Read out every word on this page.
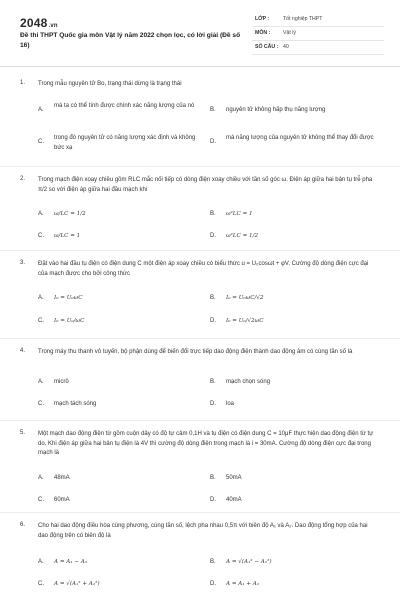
2048.vn
Đề thi THPT Quốc gia môn Vật lý năm 2022 chọn lọc, có lời giải (Đề số 16)
LỚP :	Tốt nghiệp THPT
MÔN : Vật lý
SỐ CÂU : 40
1. Trong mẫu nguyên tử Bo, trạng thái dừng là trạng thái
A.
mà ta có thể tính được chính xác năng lượng của nó
B. nguyên tử không hấp thụ năng lượng
C.
trong đó nguyên tử có năng lượng xác định và không bức xạ
D.
mà năng lượng của nguyên tử không thể thay đổi được
2. Trong mạch điện xoay chiều gồm RLC mắc nối tiếp có dòng điện xoay chiều với tần số góc ω. Điện áp giữa hai bản tụ trễ pha π/2 so với điện áp giữa hai đầu mạch khi
A. ω/LC = 1/2	B. ω²LC = 1
C. ω/LC = 1	D. ω²LC = 1/2
3. Đặt vào hai đầu tụ điện có điện dung C một điện áp xoay chiều có biểu thức u = U₀cosωt + φV. Cường độ dòng điện cực đại của mạch được cho bởi công thức
A. I₀ = U₀ωC	B. I₀ = U₀ωC/√2
C. I₀ = U₀/ωC	D. I₀ = U₀/√2ωC
4. Trong máy thu thanh vô tuyến, bộ phận dùng để biến đổi trực tiếp dao động điện thành dao động âm có cùng tần số là
A. micrô	B. mạch chọn sóng
C. mạch tách sóng	D. loa
5. Một mạch dao động điện từ gồm cuộn dây có độ tự cảm 0,1H và tụ điện có điện dung C = 10μF thực hiện dao động điện từ tự do. Khi điện áp giữa hai bản tụ điện là 4V thì cường độ dòng điện trong mạch là i = 30mA. Cường độ dòng điện cực đại trong mạch là
A. 48mA	B. 50mA
C. 60mA	D. 40mA
6. Cho hai dao động điều hòa cùng phương, cùng tần số, lệch pha nhau 0,5π với biên độ A₁ và A₂. Dao động tổng hợp của hai dao động trên có biên độ là
A. A = A₁ − A₂	B. A = √(A₁² − A₂²)
C. A = √(A₁² + A₂²)	D. A = A₁ + A₂
